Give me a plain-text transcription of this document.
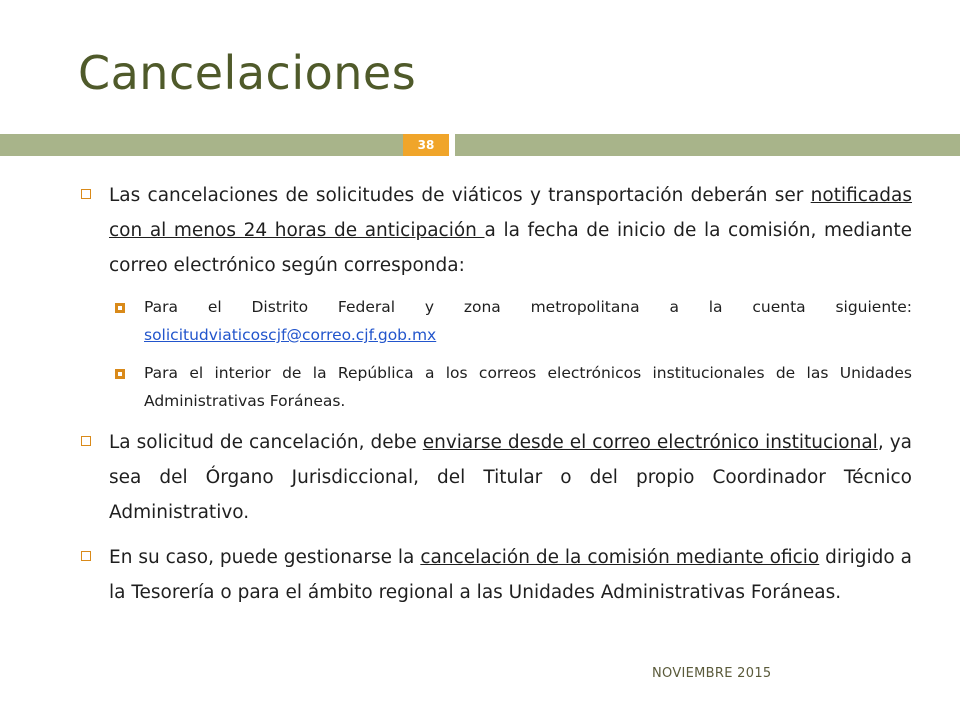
Cancelaciones
38
Las cancelaciones de solicitudes de viáticos y transportación deberán ser notificadas con al menos 24 horas de anticipación a la fecha de inicio de la comisión, mediante correo electrónico según corresponda:
Para el Distrito Federal y zona metropolitana a la cuenta siguiente: solicitudviaticoscjf@correo.cjf.gob.mx
Para el interior de la República a los correos electrónicos institucionales de las Unidades Administrativas Foráneas.
La solicitud de cancelación, debe enviarse desde el correo electrónico institucional, ya sea del Órgano Jurisdiccional, del Titular o del propio Coordinador Técnico Administrativo.
En su caso, puede gestionarse la cancelación de la comisión mediante oficio dirigido a la Tesorería o para el ámbito regional a las Unidades Administrativas Foráneas.
NOVIEMBRE 2015
